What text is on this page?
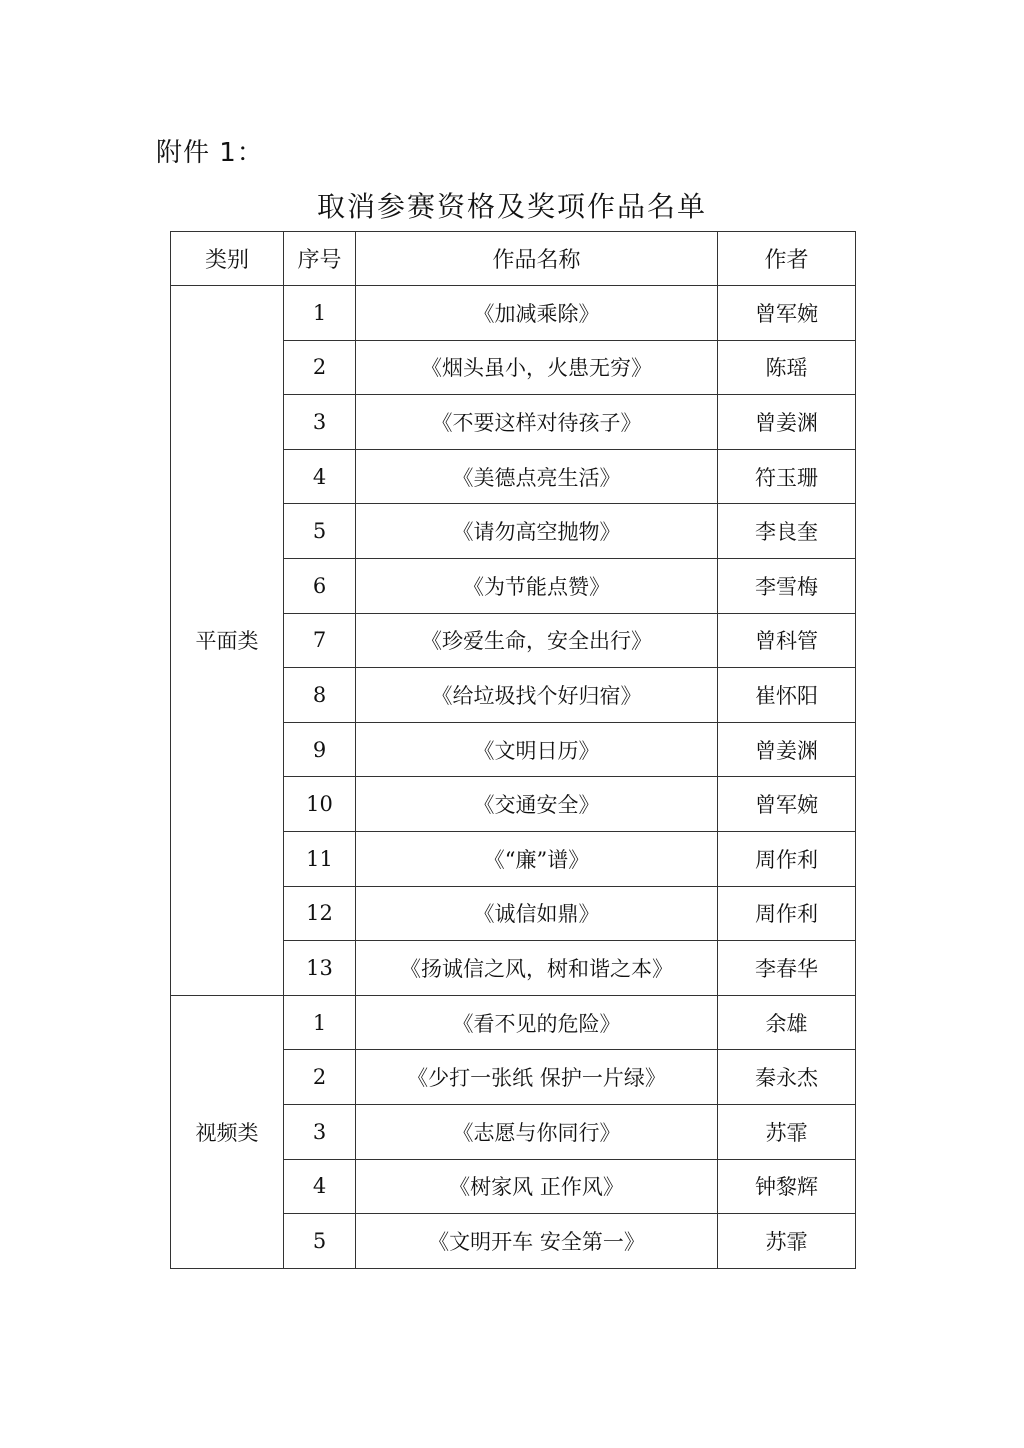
附件 1：
取消参赛资格及奖项作品名单
类别	序号	作品名称	作者
平面类	1	《加减乘除》	曾军婉
	2	《烟头虽小，火患无穷》	陈瑶
	3	《不要这样对待孩子》	曾姜渊
	4	《美德点亮生活》	符玉珊
	5	《请勿高空抛物》	李良奎
	6	《为节能点赞》	李雪梅
	7	《珍爱生命，安全出行》	曾科管
	8	《给垃圾找个好归宿》	崔怀阳
	9	《文明日历》	曾姜渊
	10	《交通安全》	曾军婉
	11	《“廉”谱》	周作利
	12	《诚信如鼎》	周作利
	13	《扬诚信之风，树和谐之本》	李春华
视频类	1	《看不见的危险》	余雄
	2	《少打一张纸 保护一片绿》	秦永杰
	3	《志愿与你同行》	苏霏
	4	《树家风 正作风》	钟黎辉
	5	《文明开车 安全第一》	苏霏
